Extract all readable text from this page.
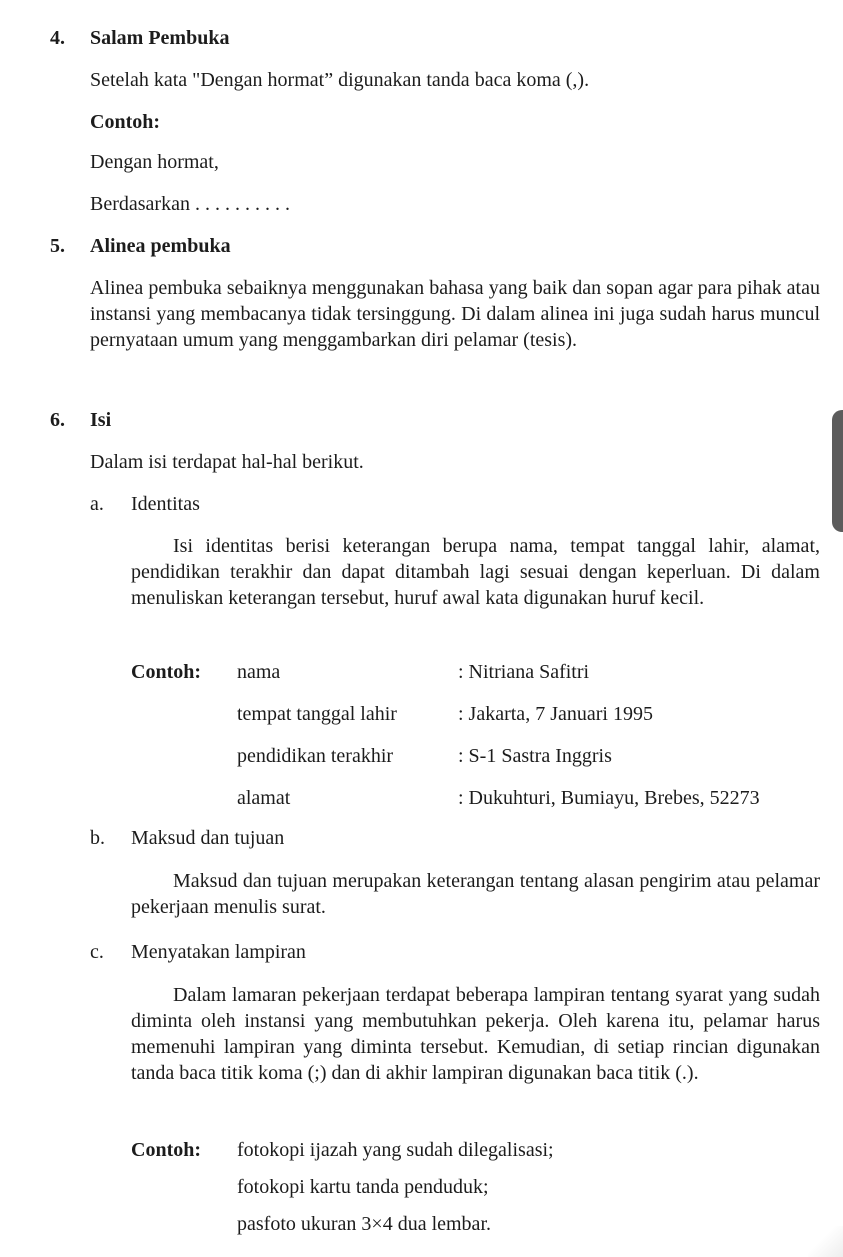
4. Salam Pembuka
Setelah kata "Dengan hormat” digunakan tanda baca koma (,).
Contoh:
Dengan hormat,
Berdasarkan . . . . . . . . . .
5. Alinea pembuka
Alinea pembuka sebaiknya menggunakan bahasa yang baik dan sopan agar para pihak atau instansi yang membacanya tidak tersinggung. Di dalam alinea ini juga sudah harus muncul pernyataan umum yang menggambarkan diri pelamar (tesis).
6. Isi
Dalam isi terdapat hal-hal berikut.
a. Identitas
Isi identitas berisi keterangan berupa nama, tempat tanggal lahir, alamat, pendidikan terakhir dan dapat ditambah lagi sesuai dengan keperluan. Di dalam menuliskan keterangan tersebut, huruf awal kata digunakan huruf kecil.
Contoh: nama	: Nitriana Safitri
tempat tanggal lahir	: Jakarta, 7 Januari 1995
pendidikan terakhir	: S-1 Sastra Inggris
alamat	: Dukuhturi, Bumiayu, Brebes, 52273
b. Maksud dan tujuan
Maksud dan tujuan merupakan keterangan tentang alasan pengirim atau pelamar pekerjaan menulis surat.
c. Menyatakan lampiran
Dalam lamaran pekerjaan terdapat beberapa lampiran tentang syarat yang sudah diminta oleh instansi yang membutuhkan pekerja. Oleh karena itu, pelamar harus memenuhi lampiran yang diminta tersebut. Kemudian, di setiap rincian digunakan tanda baca titik koma (;) dan di akhir lampiran digunakan baca titik (.).
Contoh: fotokopi ijazah yang sudah dilegalisasi;
fotokopi kartu tanda penduduk;
pasfoto ukuran 3×4 dua lembar.
